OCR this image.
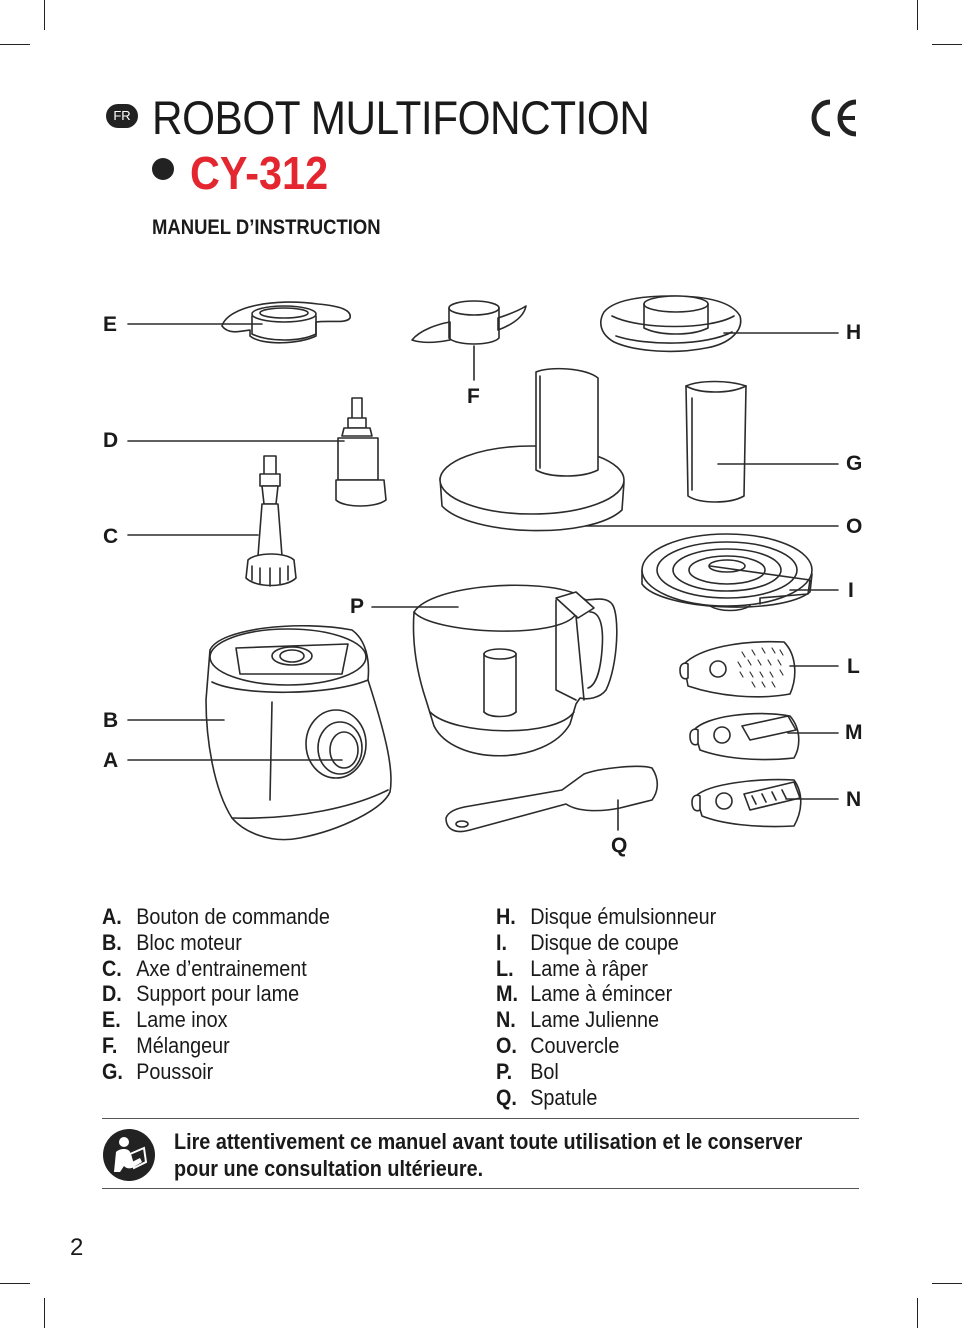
FR ROBOT MULTIFONCTION
CY-312
MANUEL D’INSTRUCTION
E
F
H
D
G
C	O
I
P
L
B
M
A
N
Q
A. Bouton de commande
B. Bloc moteur
C. Axe d’entrainement
D. Support pour lame
E. Lame inox
F. Mélangeur
G. Poussoir
H. Disque émulsionneur
I. Disque de coupe
L. Lame à râper
M. Lame à émincer
N. Lame Julienne
O. Couvercle
P. Bol
Q. Spatule
Lire attentivement ce manuel avant toute utilisation et le conserver
pour une consultation ultérieure.
2
